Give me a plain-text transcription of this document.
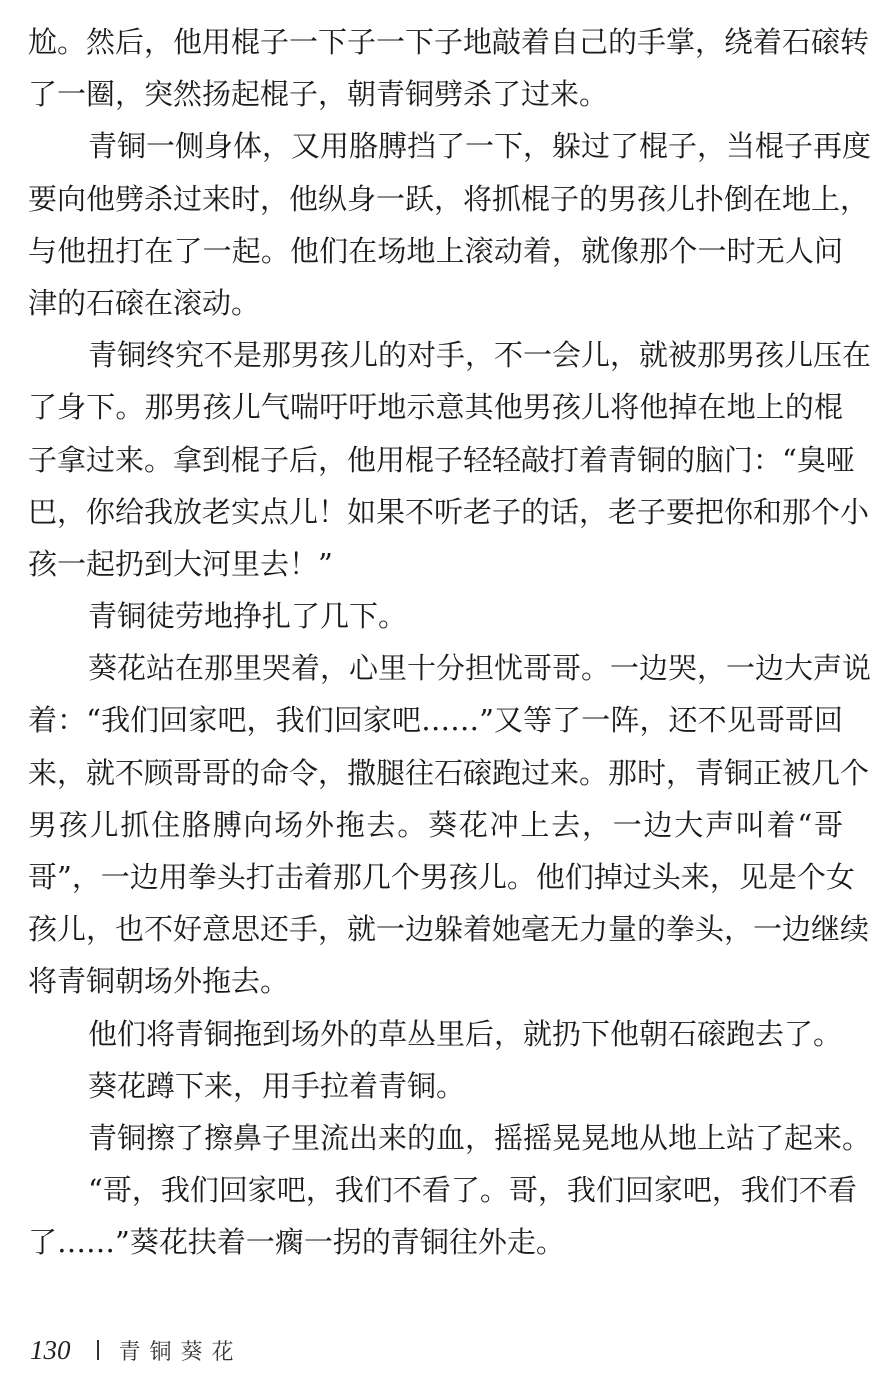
尬。然后，他用棍子一下子一下子地敲着自己的手掌，绕着石磙转
了一圈，突然扬起棍子，朝青铜劈杀了过来。
青铜一侧身体，又用胳膊挡了一下，躲过了棍子，当棍子再度
要向他劈杀过来时，他纵身一跃，将抓棍子的男孩儿扑倒在地上，
与他扭打在了一起。他们在场地上滚动着，就像那个一时无人问
津的石磙在滚动。
青铜终究不是那男孩儿的对手，不一会儿，就被那男孩儿压在
了身下。那男孩儿气喘吁吁地示意其他男孩儿将他掉在地上的棍
子拿过来。拿到棍子后，他用棍子轻轻敲打着青铜的脑门：“臭哑
巴，你给我放老实点儿！如果不听老子的话，老子要把你和那个小
孩一起扔到大河里去！”
青铜徒劳地挣扎了几下。
葵花站在那里哭着，心里十分担忧哥哥。一边哭，一边大声说
着：“我们回家吧，我们回家吧……”又等了一阵，还不见哥哥回
来，就不顾哥哥的命令，撒腿往石磙跑过来。那时，青铜正被几个
男孩儿抓住胳膊向场外拖去。葵花冲上去，一边大声叫着“哥
哥”，一边用拳头打击着那几个男孩儿。他们掉过头来，见是个女
孩儿，也不好意思还手，就一边躲着她毫无力量的拳头，一边继续
将青铜朝场外拖去。
他们将青铜拖到场外的草丛里后，就扔下他朝石磙跑去了。
葵花蹲下来，用手拉着青铜。
青铜擦了擦鼻子里流出来的血，摇摇晃晃地从地上站了起来。
“哥，我们回家吧，我们不看了。哥，我们回家吧，我们不看
了……”葵花扶着一瘸一拐的青铜往外走。
130 青铜葵花
